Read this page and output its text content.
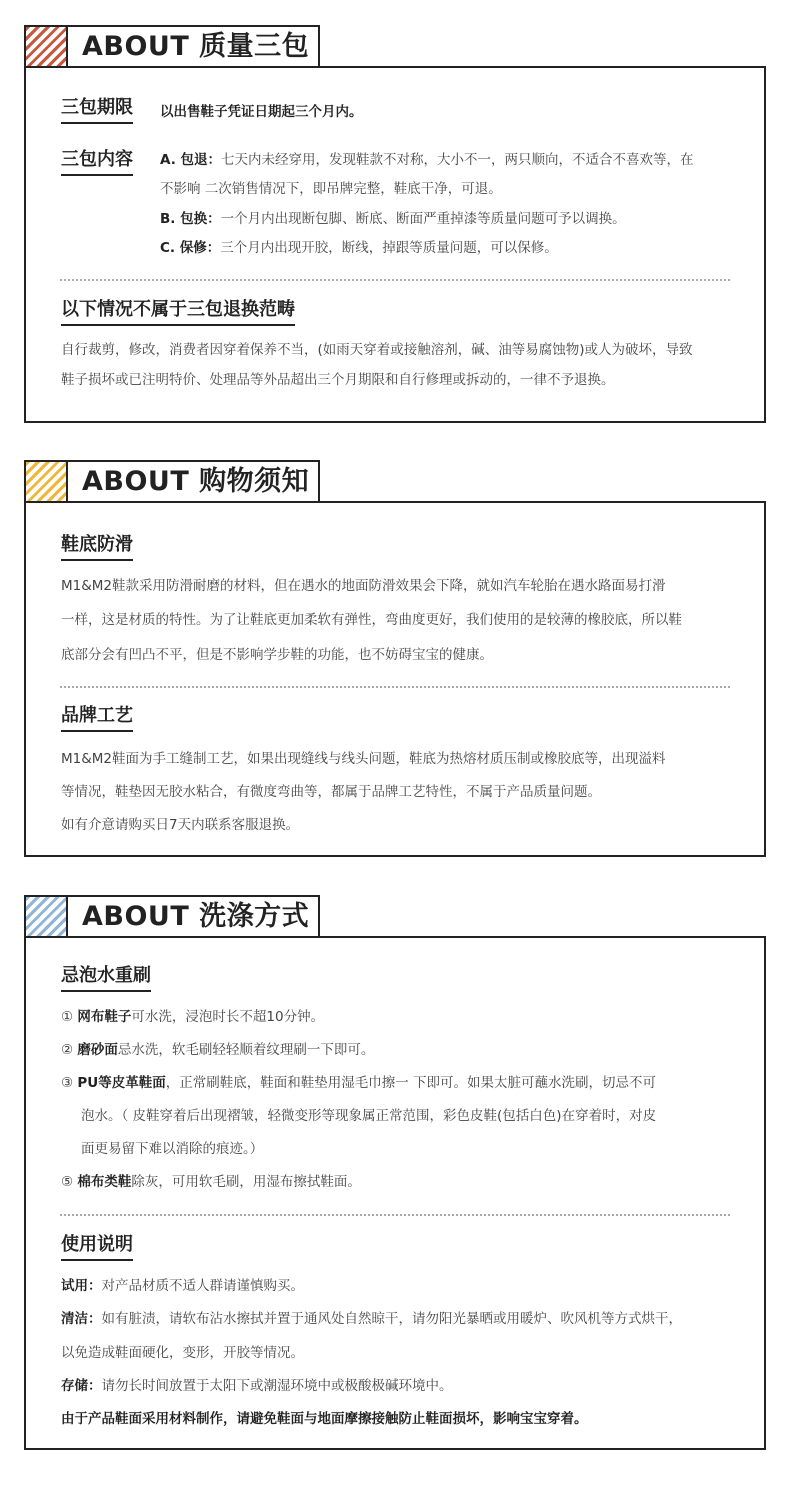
ABOUT 质量三包
三包期限 以出售鞋子凭证日期起三个月内。
三包内容 A. 包退：七天内未经穿用，发现鞋款不对称，大小不一，两只顺向，不适合不喜欢等，在
不影响 二次销售情况下，即吊牌完整，鞋底干净，可退。
B. 包换：一个月内出现断包脚、断底、断面严重掉漆等质量问题可予以调换。
C. 保修：三个月内出现开胶，断线，掉跟等质量问题，可以保修。
以下情况不属于三包退换范畴
自行裁剪，修改，消费者因穿着保养不当，(如雨天穿着或接触溶剂，碱、油等易腐蚀物)或人为破坏，导致
鞋子损坏或已注明特价、处理品等外品超出三个月期限和自行修理或拆动的，一律不予退换。
ABOUT 购物须知
鞋底防滑
M1&M2鞋款采用防滑耐磨的材料，但在遇水的地面防滑效果会下降，就如汽车轮胎在遇水路面易打滑
一样，这是材质的特性。为了让鞋底更加柔软有弹性，弯曲度更好，我们使用的是较薄的橡胶底，所以鞋
底部分会有凹凸不平，但是不影响学步鞋的功能，也不妨碍宝宝的健康。
品牌工艺
M1&M2鞋面为手工缝制工艺，如果出现缝线与线头问题，鞋底为热熔材质压制或橡胶底等，出现溢料
等情况，鞋垫因无胶水粘合，有微度弯曲等，都属于品牌工艺特性，不属于产品质量问题。
如有介意请购买日7天内联系客服退换。
ABOUT 洗涤方式
忌泡水重刷
① 网布鞋子可水洗，浸泡时长不超10分钟。
② 磨砂面忌水洗，软毛刷轻轻顺着纹理刷一下即可。
③ PU等皮革鞋面，正常刷鞋底，鞋面和鞋垫用湿毛巾擦一 下即可。如果太脏可蘸水洗刷，切忌不可
泡水。（ 皮鞋穿着后出现褶皱，轻微变形等现象属正常范围，彩色皮鞋(包括白色)在穿着时，对皮
面更易留下难以消除的痕迹。）
⑤ 棉布类鞋除灰，可用软毛刷，用湿布擦拭鞋面。
使用说明
试用：对产品材质不适人群请谨慎购买。
清洁：如有脏渍，请软布沾水擦拭并置于通风处自然晾干，请勿阳光暴晒或用暖炉、吹风机等方式烘干，
以免造成鞋面硬化，变形，开胶等情况。
存储：请勿长时间放置于太阳下或潮湿环境中或极酸极碱环境中。
由于产品鞋面采用材料制作，请避免鞋面与地面摩擦接触防止鞋面损坏，影响宝宝穿着。
